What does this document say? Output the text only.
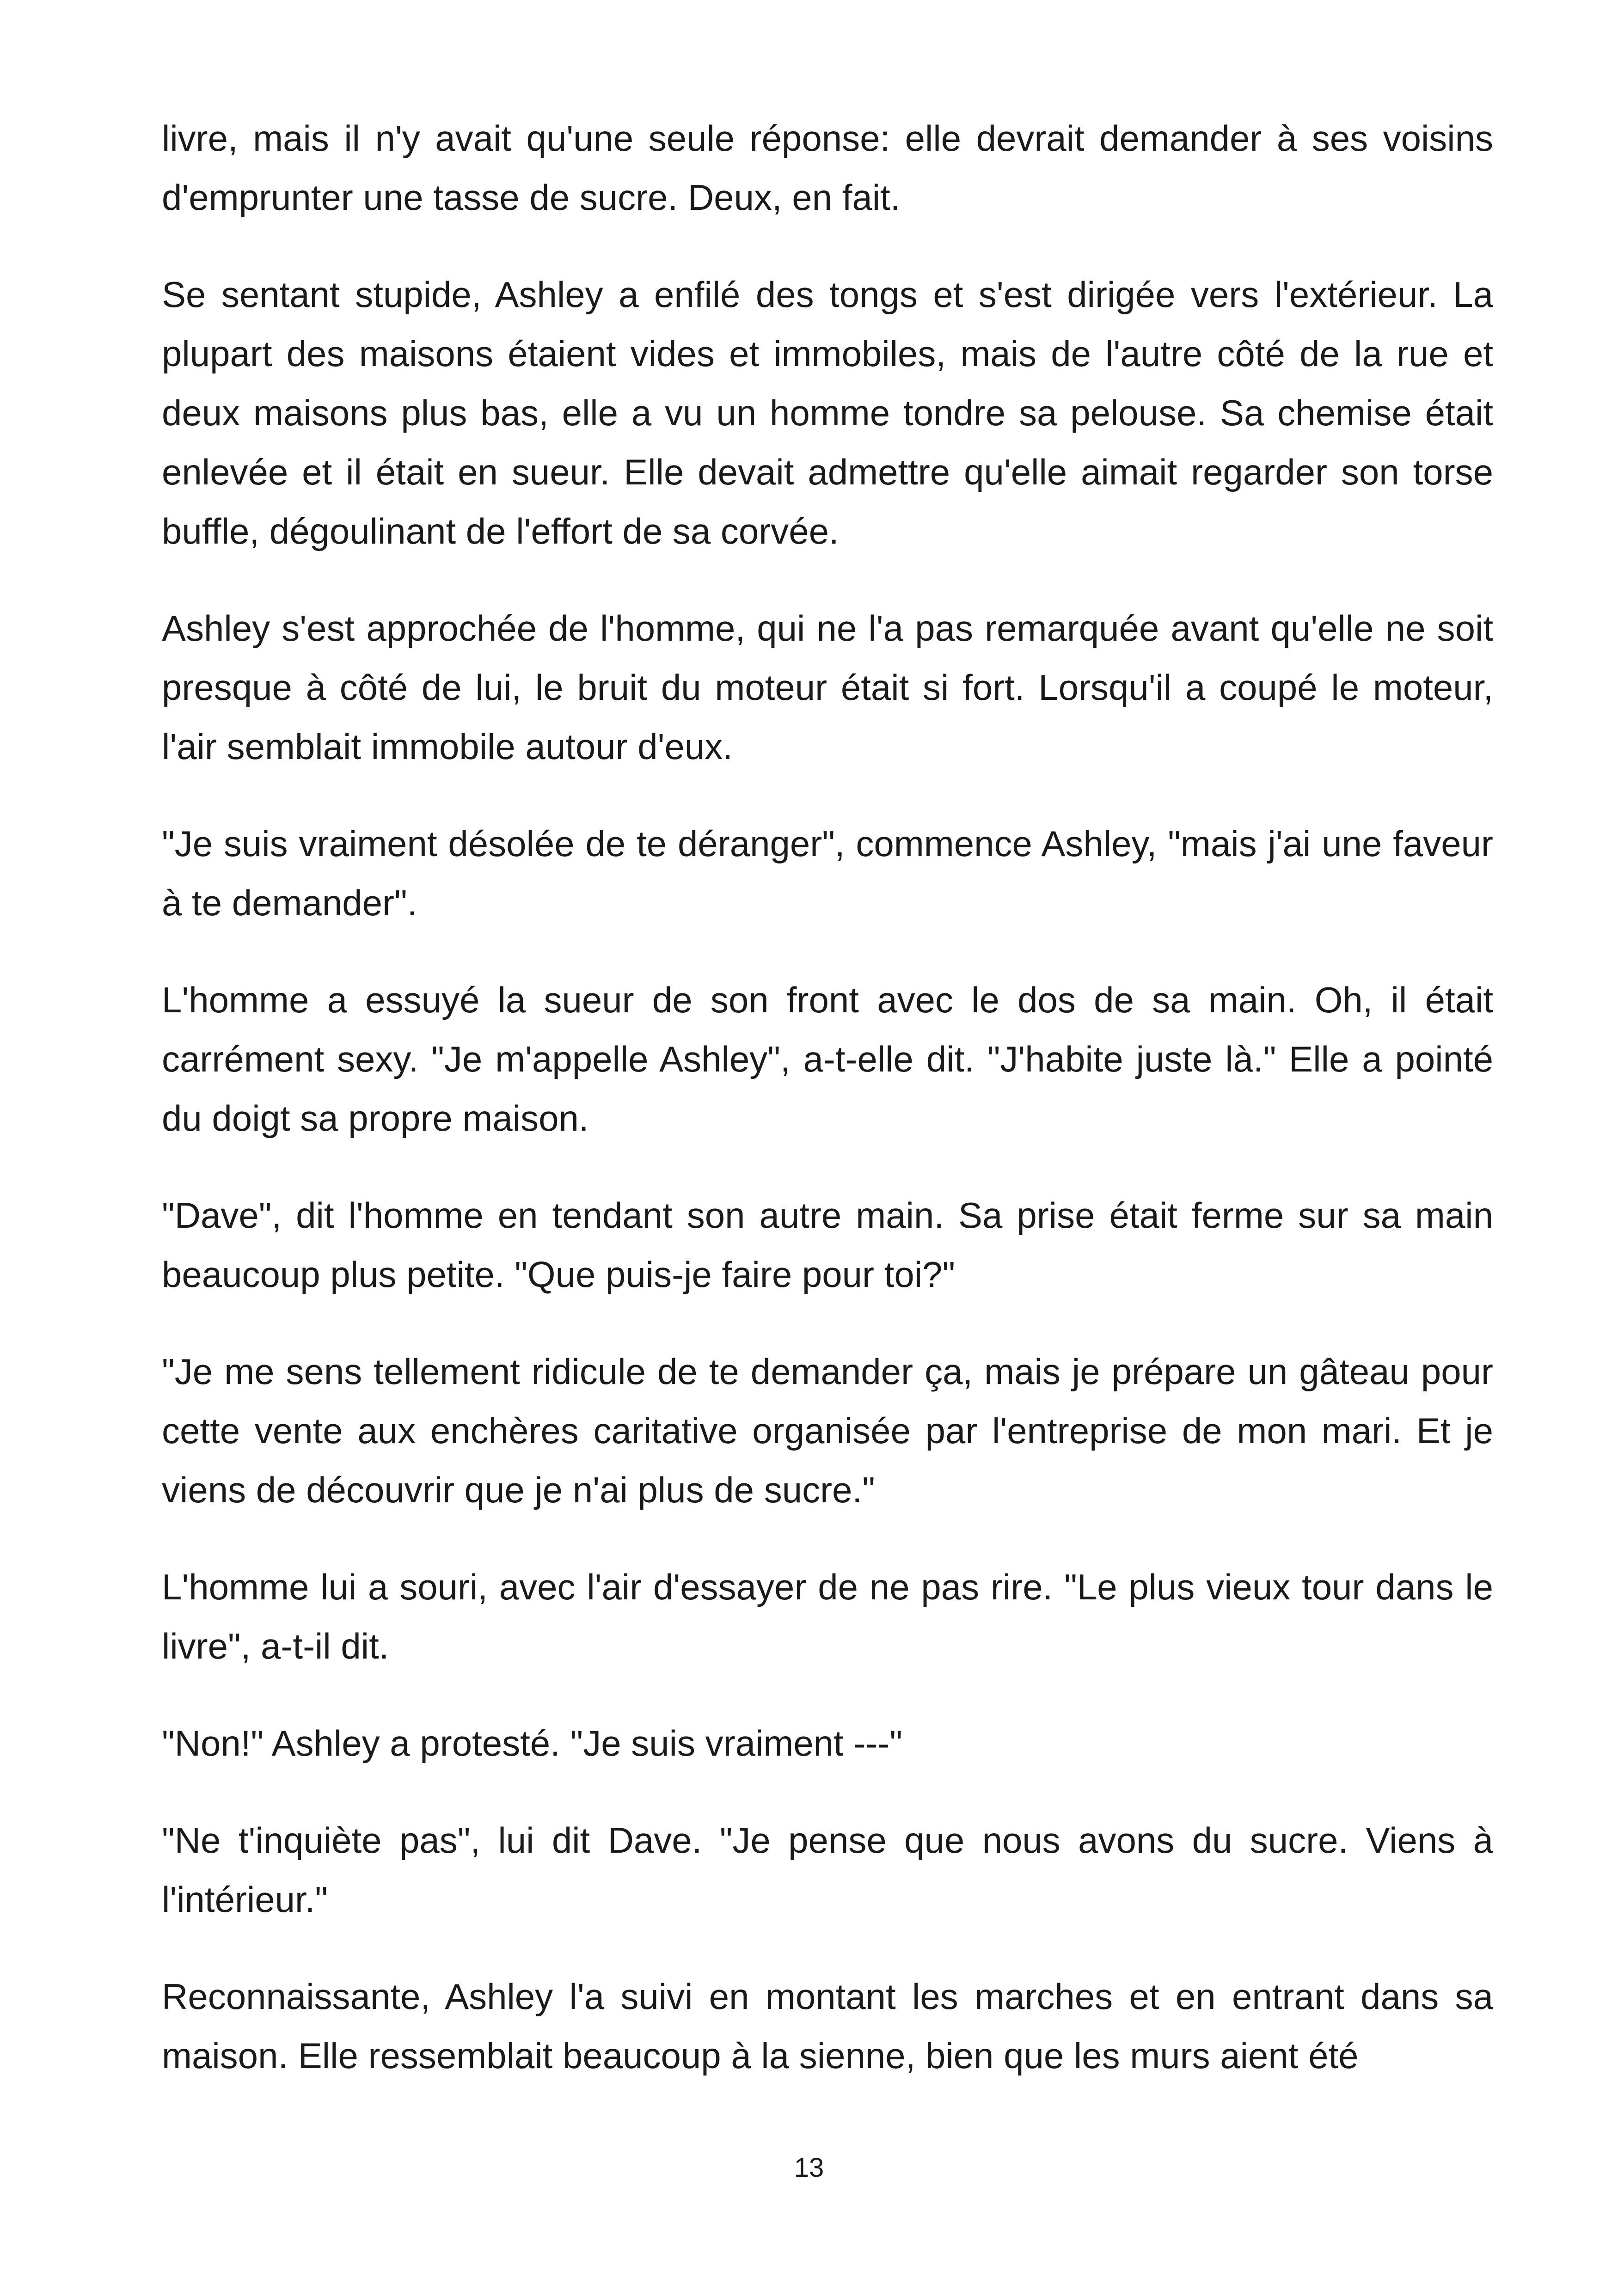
livre, mais il n'y avait qu'une seule réponse: elle devrait demander à ses voisins d'emprunter une tasse de sucre. Deux, en fait.

Se sentant stupide, Ashley a enfilé des tongs et s'est dirigée vers l'extérieur. La plupart des maisons étaient vides et immobiles, mais de l'autre côté de la rue et deux maisons plus bas, elle a vu un homme tondre sa pelouse. Sa chemise était enlevée et il était en sueur. Elle devait admettre qu'elle aimait regarder son torse buffle, dégoulinant de l'effort de sa corvée.

Ashley s'est approchée de l'homme, qui ne l'a pas remarquée avant qu'elle ne soit presque à côté de lui, le bruit du moteur était si fort. Lorsqu'il a coupé le moteur, l'air semblait immobile autour d'eux.

"Je suis vraiment désolée de te déranger", commence Ashley, "mais j'ai une faveur à te demander".

L'homme a essuyé la sueur de son front avec le dos de sa main. Oh, il était carrément sexy. "Je m'appelle Ashley", a-t-elle dit. "J'habite juste là." Elle a pointé du doigt sa propre maison.

"Dave", dit l'homme en tendant son autre main. Sa prise était ferme sur sa main beaucoup plus petite. "Que puis-je faire pour toi?"

"Je me sens tellement ridicule de te demander ça, mais je prépare un gâteau pour cette vente aux enchères caritative organisée par l'entreprise de mon mari. Et je viens de découvrir que je n'ai plus de sucre."

L'homme lui a souri, avec l'air d'essayer de ne pas rire. "Le plus vieux tour dans le livre", a-t-il dit.

"Non!" Ashley a protesté. "Je suis vraiment ---"

"Ne t'inquiète pas", lui dit Dave. "Je pense que nous avons du sucre. Viens à l'intérieur."

Reconnaissante, Ashley l'a suivi en montant les marches et en entrant dans sa maison. Elle ressemblait beaucoup à la sienne, bien que les murs aient été

13
